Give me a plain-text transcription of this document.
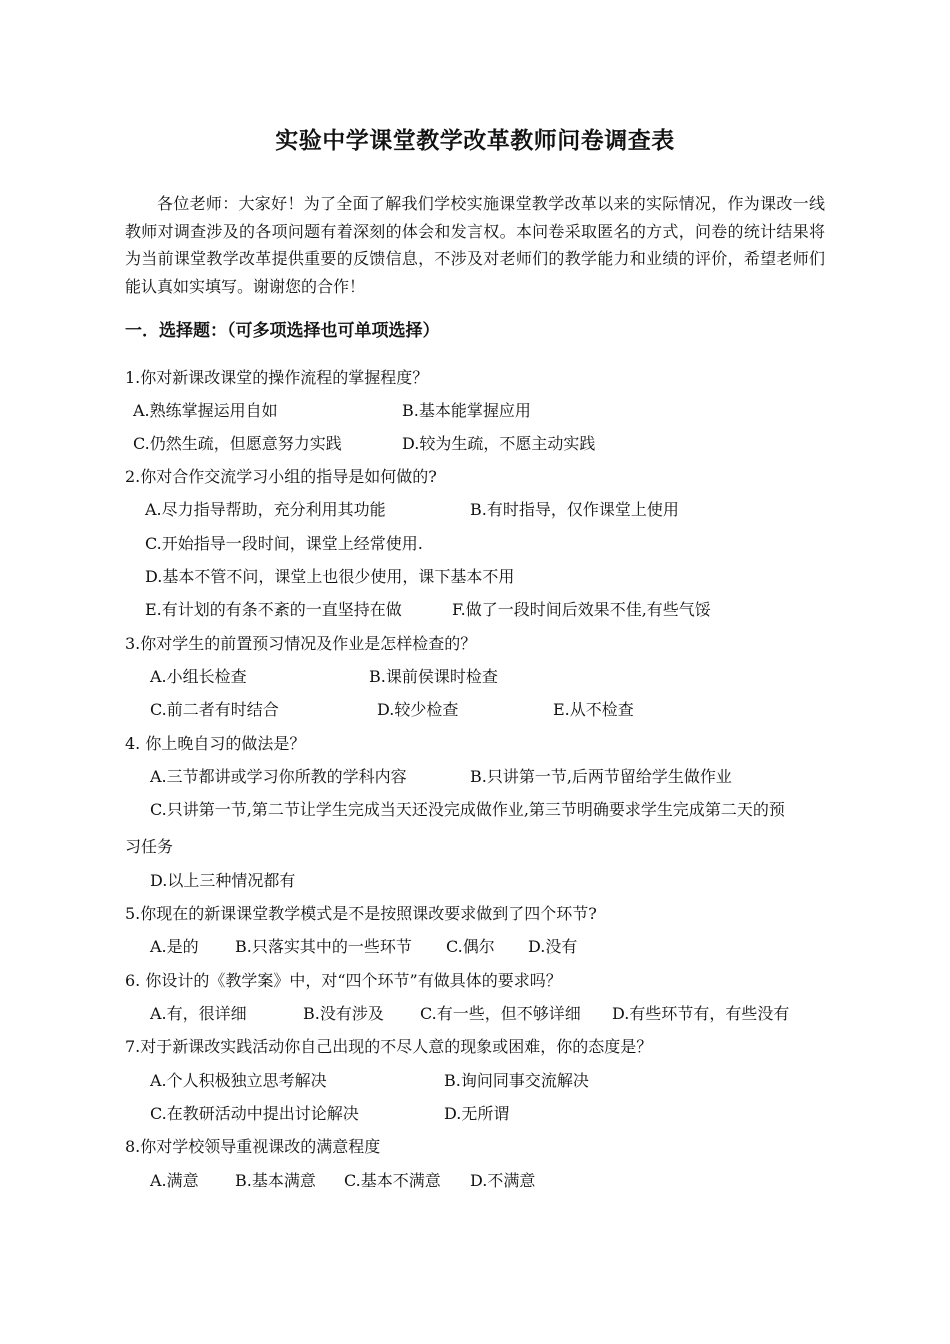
实验中学课堂教学改革教师问卷调查表
各位老师：大家好！为了全面了解我们学校实施课堂教学改革以来的实际情况，作为课改一线教师对调查涉及的各项问题有着深刻的体会和发言权。本问卷采取匿名的方式，问卷的统计结果将为当前课堂教学改革提供重要的反馈信息，不涉及对老师们的教学能力和业绩的评价，希望老师们能认真如实填写。谢谢您的合作！
一．选择题：（可多项选择也可单项选择）
1.你对新课改课堂的操作流程的掌握程度？
A.熟练掌握运用自如	B.基本能掌握应用
C.仍然生疏，但愿意努力实践	D.较为生疏，不愿主动实践
2.你对合作交流学习小组的指导是如何做的?
A.尽力指导帮助，充分利用其功能	B.有时指导，仅作课堂上使用
C.开始指导一段时间，课堂上经常使用.
D.基本不管不问，课堂上也很少使用，课下基本不用
E.有计划的有条不紊的一直坚持在做	F.做了一段时间后效果不佳,有些气馁
3.你对学生的前置预习情况及作业是怎样检查的？
A.小组长检查	B.课前侯课时检查
C.前二者有时结合	D.较少检查	E.从不检查
4. 你上晚自习的做法是？
A.三节都讲或学习你所教的学科内容	B.只讲第一节,后两节留给学生做作业
C.只讲第一节,第二节让学生完成当天还没完成做作业,第三节明确要求学生完成第二天的预
习任务
D.以上三种情况都有
5.你现在的新课课堂教学模式是不是按照课改要求做到了四个环节?
A.是的 B.只落实其中的一些环节 C.偶尔 D.没有
6. 你设计的《教学案》中，对“四个环节”有做具体的要求吗？
A.有，很详细	B.没有涉及 C.有一些，但不够详细 D.有些环节有，有些没有
7.对于新课改实践活动你自己出现的不尽人意的现象或困难，你的态度是？
A.个人积极独立思考解决	B.询问同事交流解决
C.在教研活动中提出讨论解决	D.无所谓
8.你对学校领导重视课改的满意程度
A.满意 B.基本满意 C.基本不满意 D.不满意
